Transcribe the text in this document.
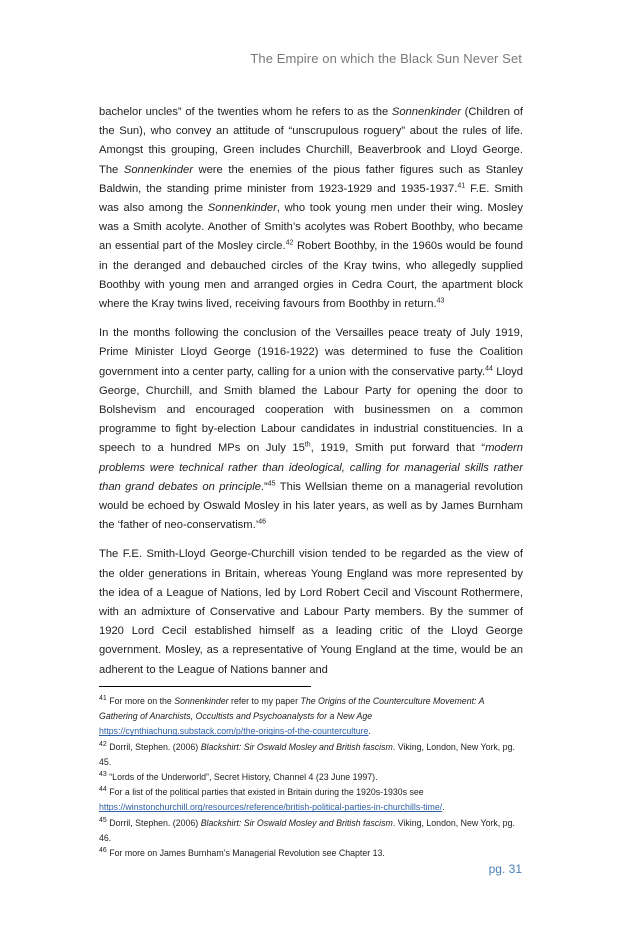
The Empire on which the Black Sun Never Set

bachelor uncles” of the twenties whom he refers to as the Sonnenkinder (Children of the Sun), who convey an attitude of “unscrupulous roguery” about the rules of life. Amongst this grouping, Green includes Churchill, Beaverbrook and Lloyd George. The Sonnenkinder were the enemies of the pious father figures such as Stanley Baldwin, the standing prime minister from 1923-1929 and 1935-1937.41 F.E. Smith was also among the Sonnenkinder, who took young men under their wing. Mosley was a Smith acolyte. Another of Smith’s acolytes was Robert Boothby, who became an essential part of the Mosley circle.$^{42}$ Robert Boothby, in the 1960s would be found in the deranged and debauched circles of the Kray twins, who allegedly supplied Boothby with young men and arranged orgies in Cedra Court, the apartment block where the Kray twins lived, receiving favours from Boothby in return.$^{43}$

In the months following the conclusion of the Versailles peace treaty of July 1919, Prime Minister Lloyd George (1916-1922) was determined to fuse the Coalition government into a center party, calling for a union with the conservative party.$^{44}$ Lloyd George, Churchill, and Smith blamed the Labour Party for opening the door to Bolshevism and encouraged cooperation with businessmen on a common programme to fight by-election Labour candidates in industrial constituencies. In a speech to a hundred MPs on July 15th, 1919, Smith put forward that “modern problems were technical rather than ideological, calling for managerial skills rather than grand debates on principle.”$^{45}$ This Wellsian theme on a managerial revolution would be echoed by Oswald Mosley in his later years, as well as by James Burnham the ‘father of neo-conservatism.’$^{46}$

The F.E. Smith-Lloyd George-Churchill vision tended to be regarded as the view of the older generations in Britain, whereas Young England was more represented by the idea of a League of Nations, led by Lord Robert Cecil and Viscount Rothermere, with an admixture of Conservative and Labour Party members. By the summer of 1920 Lord Cecil established himself as a leading critic of the Lloyd George government. Mosley, as a representative of Young England at the time, would be an adherent to the League of Nations banner and

$^{41}$ For more on the Sonnenkinder refer to my paper The Origins of the Counterculture Movement: A Gathering of Anarchists, Occultists and Psychoanalysts for a New Age https://cynthiachung.substack.com/p/the-origins-of-the-counterculture.

$^{42}$ Dorril, Stephen. (2006) Blackshirt: Sir Oswald Mosley and British fascism. Viking, London, New York, pg. 45.

$^{43}$ “Lords of the Underworld”, Secret History, Channel 4 (23 June 1997).

$^{44}$ For a list of the political parties that existed in Britain during the 1920s-1930s see https://winstonchurchill.org/resources/reference/british-political-parties-in-churchills-time/.

$^{45}$ Dorril, Stephen. (2006) Blackshirt: Sir Oswald Mosley and British fascism. Viking, London, New York, pg. 46.

$^{46}$ For more on James Burnham’s Managerial Revolution see Chapter 13.

pg. 31
